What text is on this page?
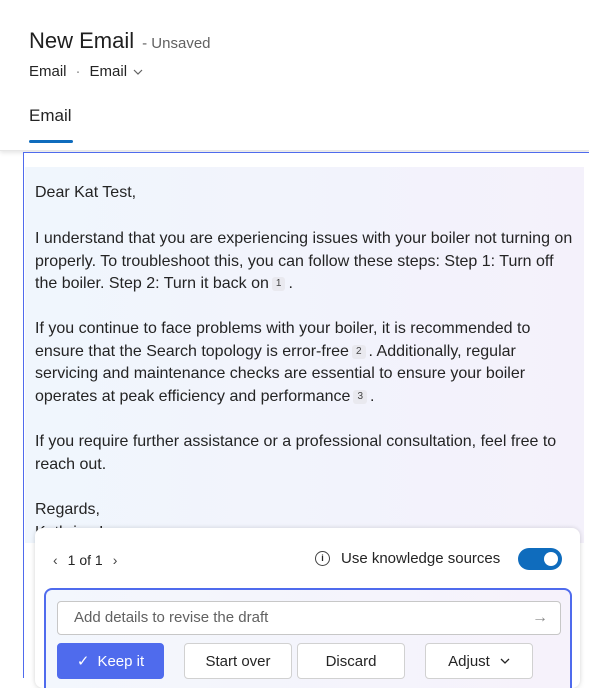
New Email - Unsaved
Email · Email
Email

Dear Kat Test,

I understand that you are experiencing issues with your boiler not turning on properly. To troubleshoot this, you can follow these steps: Step 1: Turn off the boiler. Step 2: Turn it back on 1 .

If you continue to face problems with your boiler, it is recommended to ensure that the Search topology is error-free 2 . Additionally, regular servicing and maintenance checks are essential to ensure your boiler operates at peak efficiency and performance 3 .

If you require further assistance or a professional consultation, feel free to reach out.

Regards,

‹ 1 of 1 ›	i	Use knowledge sources
Add details to revise the draft	→
✓ Keep it	Start over	Discard	Adjust
